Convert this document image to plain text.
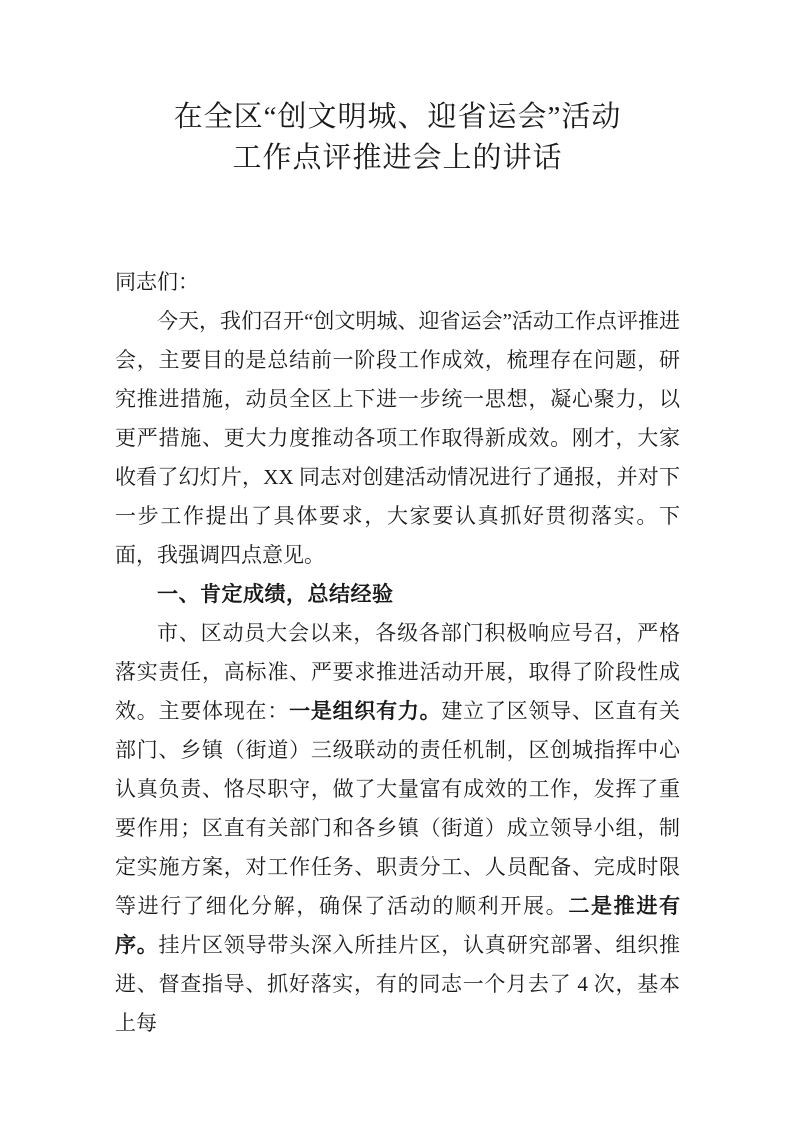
在全区“创文明城、迎省运会”活动
工作点评推进会上的讲话

同志们：

今天，我们召开“创文明城、迎省运会”活动工作点评推进会，主要目的是总结前一阶段工作成效，梳理存在问题，研究推进措施，动员全区上下进一步统一思想，凝心聚力，以更严措施、更大力度推动各项工作取得新成效。刚才，大家收看了幻灯片，XX 同志对创建活动情况进行了通报，并对下一步工作提出了具体要求，大家要认真抓好贯彻落实。下面，我强调四点意见。

一、肯定成绩，总结经验

市、区动员大会以来，各级各部门积极响应号召，严格落实责任，高标准、严要求推进活动开展，取得了阶段性成效。主要体现在：一是组织有力。建立了区领导、区直有关部门、乡镇（街道）三级联动的责任机制，区创城指挥中心认真负责、恪尽职守，做了大量富有成效的工作，发挥了重要作用；区直有关部门和各乡镇（街道）成立领导小组，制定实施方案，对工作任务、职责分工、人员配备、完成时限等进行了细化分解，确保了活动的顺利开展。二是推进有序。挂片区领导带头深入所挂片区，认真研究部署、组织推进、督查指导、抓好落实，有的同志一个月去了 4 次，基本上每
